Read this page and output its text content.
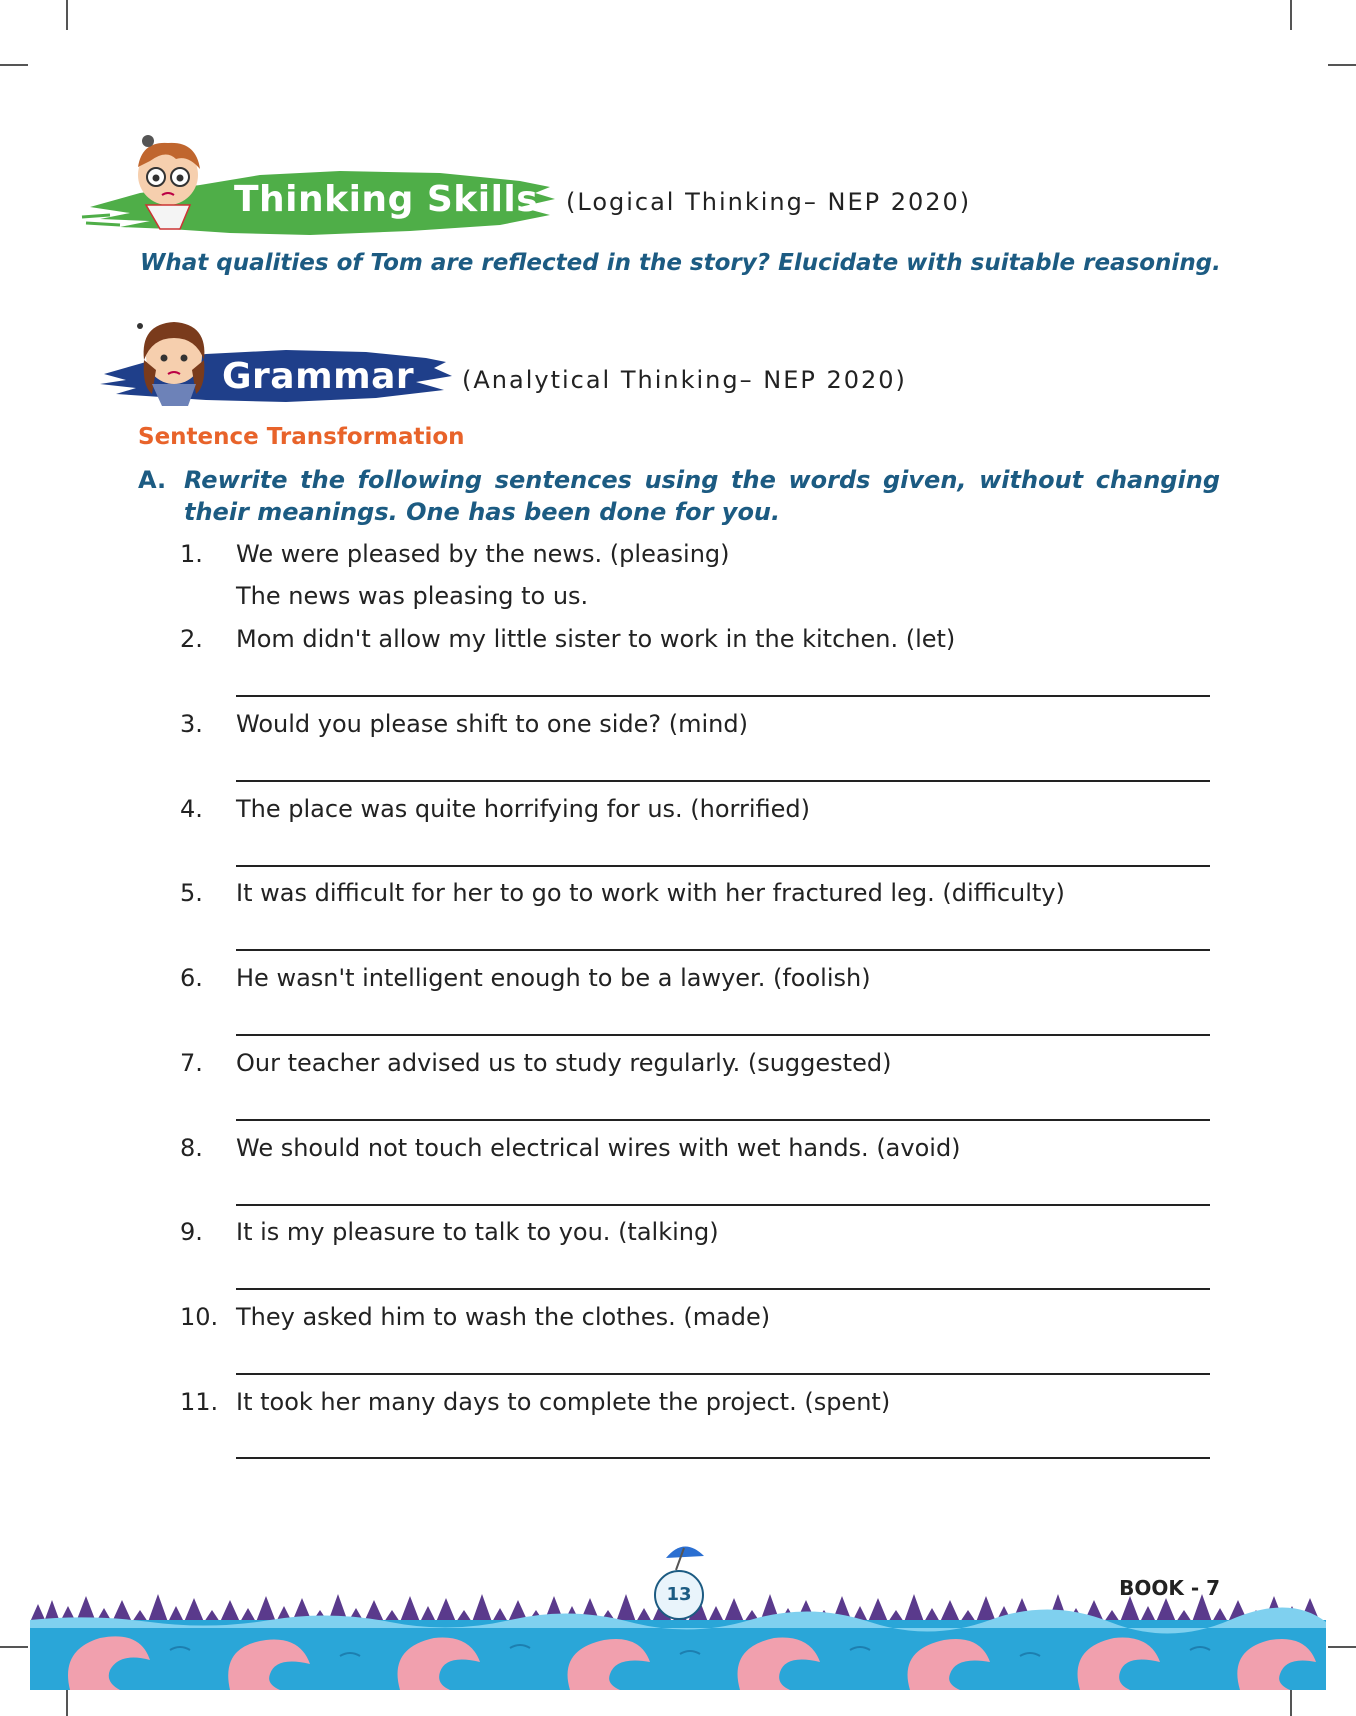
Thinking Skills (Logical Thinking– NEP 2020)
What qualities of Tom are reflected in the story? Elucidate with suitable reasoning.
Grammar (Analytical Thinking– NEP 2020)
Sentence Transformation
A. Rewrite the following sentences using the words given, without changing their meanings. One has been done for you.
1. We were pleased by the news. (pleasing)
The news was pleasing to us.
2. Mom didn't allow my little sister to work in the kitchen. (let)
3. Would you please shift to one side? (mind)
4. The place was quite horrifying for us. (horrified)
5. It was difficult for her to go to work with her fractured leg. (difficulty)
6. He wasn't intelligent enough to be a lawyer. (foolish)
7. Our teacher advised us to study regularly. (suggested)
8. We should not touch electrical wires with wet hands. (avoid)
9. It is my pleasure to talk to you. (talking)
10. They asked him to wash the clothes. (made)
11. It took her many days to complete the project. (spent)
13	BOOK - 7
